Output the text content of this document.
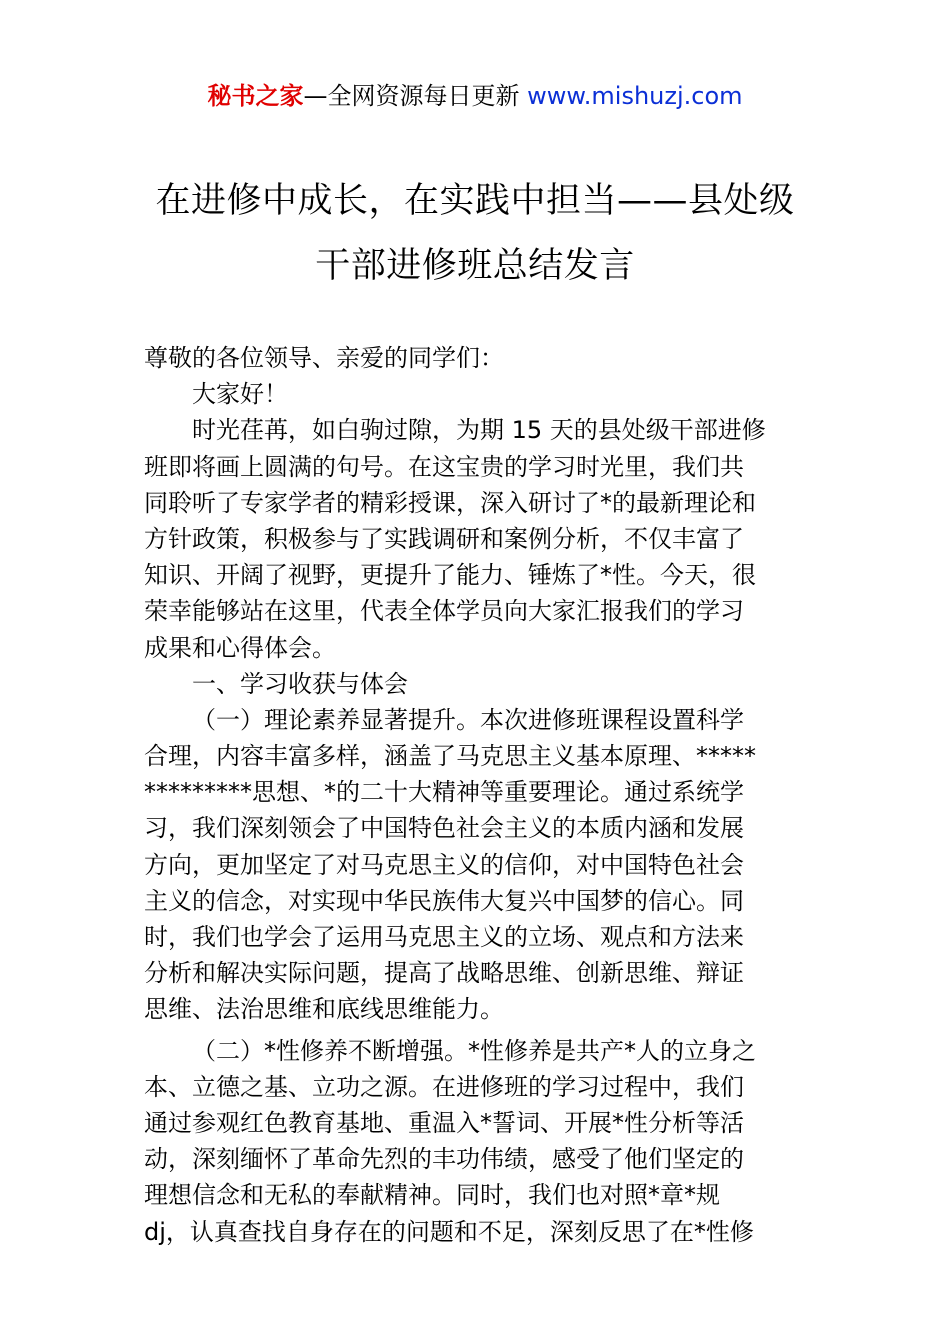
秘书之家—全网资源每日更新 www.mishuzj.com
在进修中成长，在实践中担当——县处级
干部进修班总结发言
尊敬的各位领导、亲爱的同学们：
大家好！
时光荏苒，如白驹过隙，为期 15 天的县处级干部进修
班即将画上圆满的句号。在这宝贵的学习时光里，我们共
同聆听了专家学者的精彩授课，深入研讨了*的最新理论和
方针政策，积极参与了实践调研和案例分析，不仅丰富了
知识、开阔了视野，更提升了能力、锤炼了*性。今天，很
荣幸能够站在这里，代表全体学员向大家汇报我们的学习
成果和心得体会。
一、学习收获与体会
（一）理论素养显著提升。本次进修班课程设置科学
合理，内容丰富多样，涵盖了马克思主义基本原理、*****
*********思想、*的二十大精神等重要理论。通过系统学
习，我们深刻领会了中国特色社会主义的本质内涵和发展
方向，更加坚定了对马克思主义的信仰，对中国特色社会
主义的信念，对实现中华民族伟大复兴中国梦的信心。同
时，我们也学会了运用马克思主义的立场、观点和方法来
分析和解决实际问题，提高了战略思维、创新思维、辩证
思维、法治思维和底线思维能力。
（二）*性修养不断增强。*性修养是共产*人的立身之
本、立德之基、立功之源。在进修班的学习过程中，我们
通过参观红色教育基地、重温入*誓词、开展*性分析等活
动，深刻缅怀了革命先烈的丰功伟绩，感受了他们坚定的
理想信念和无私的奉献精神。同时，我们也对照*章*规
dj，认真查找自身存在的问题和不足，深刻反思了在*性修
